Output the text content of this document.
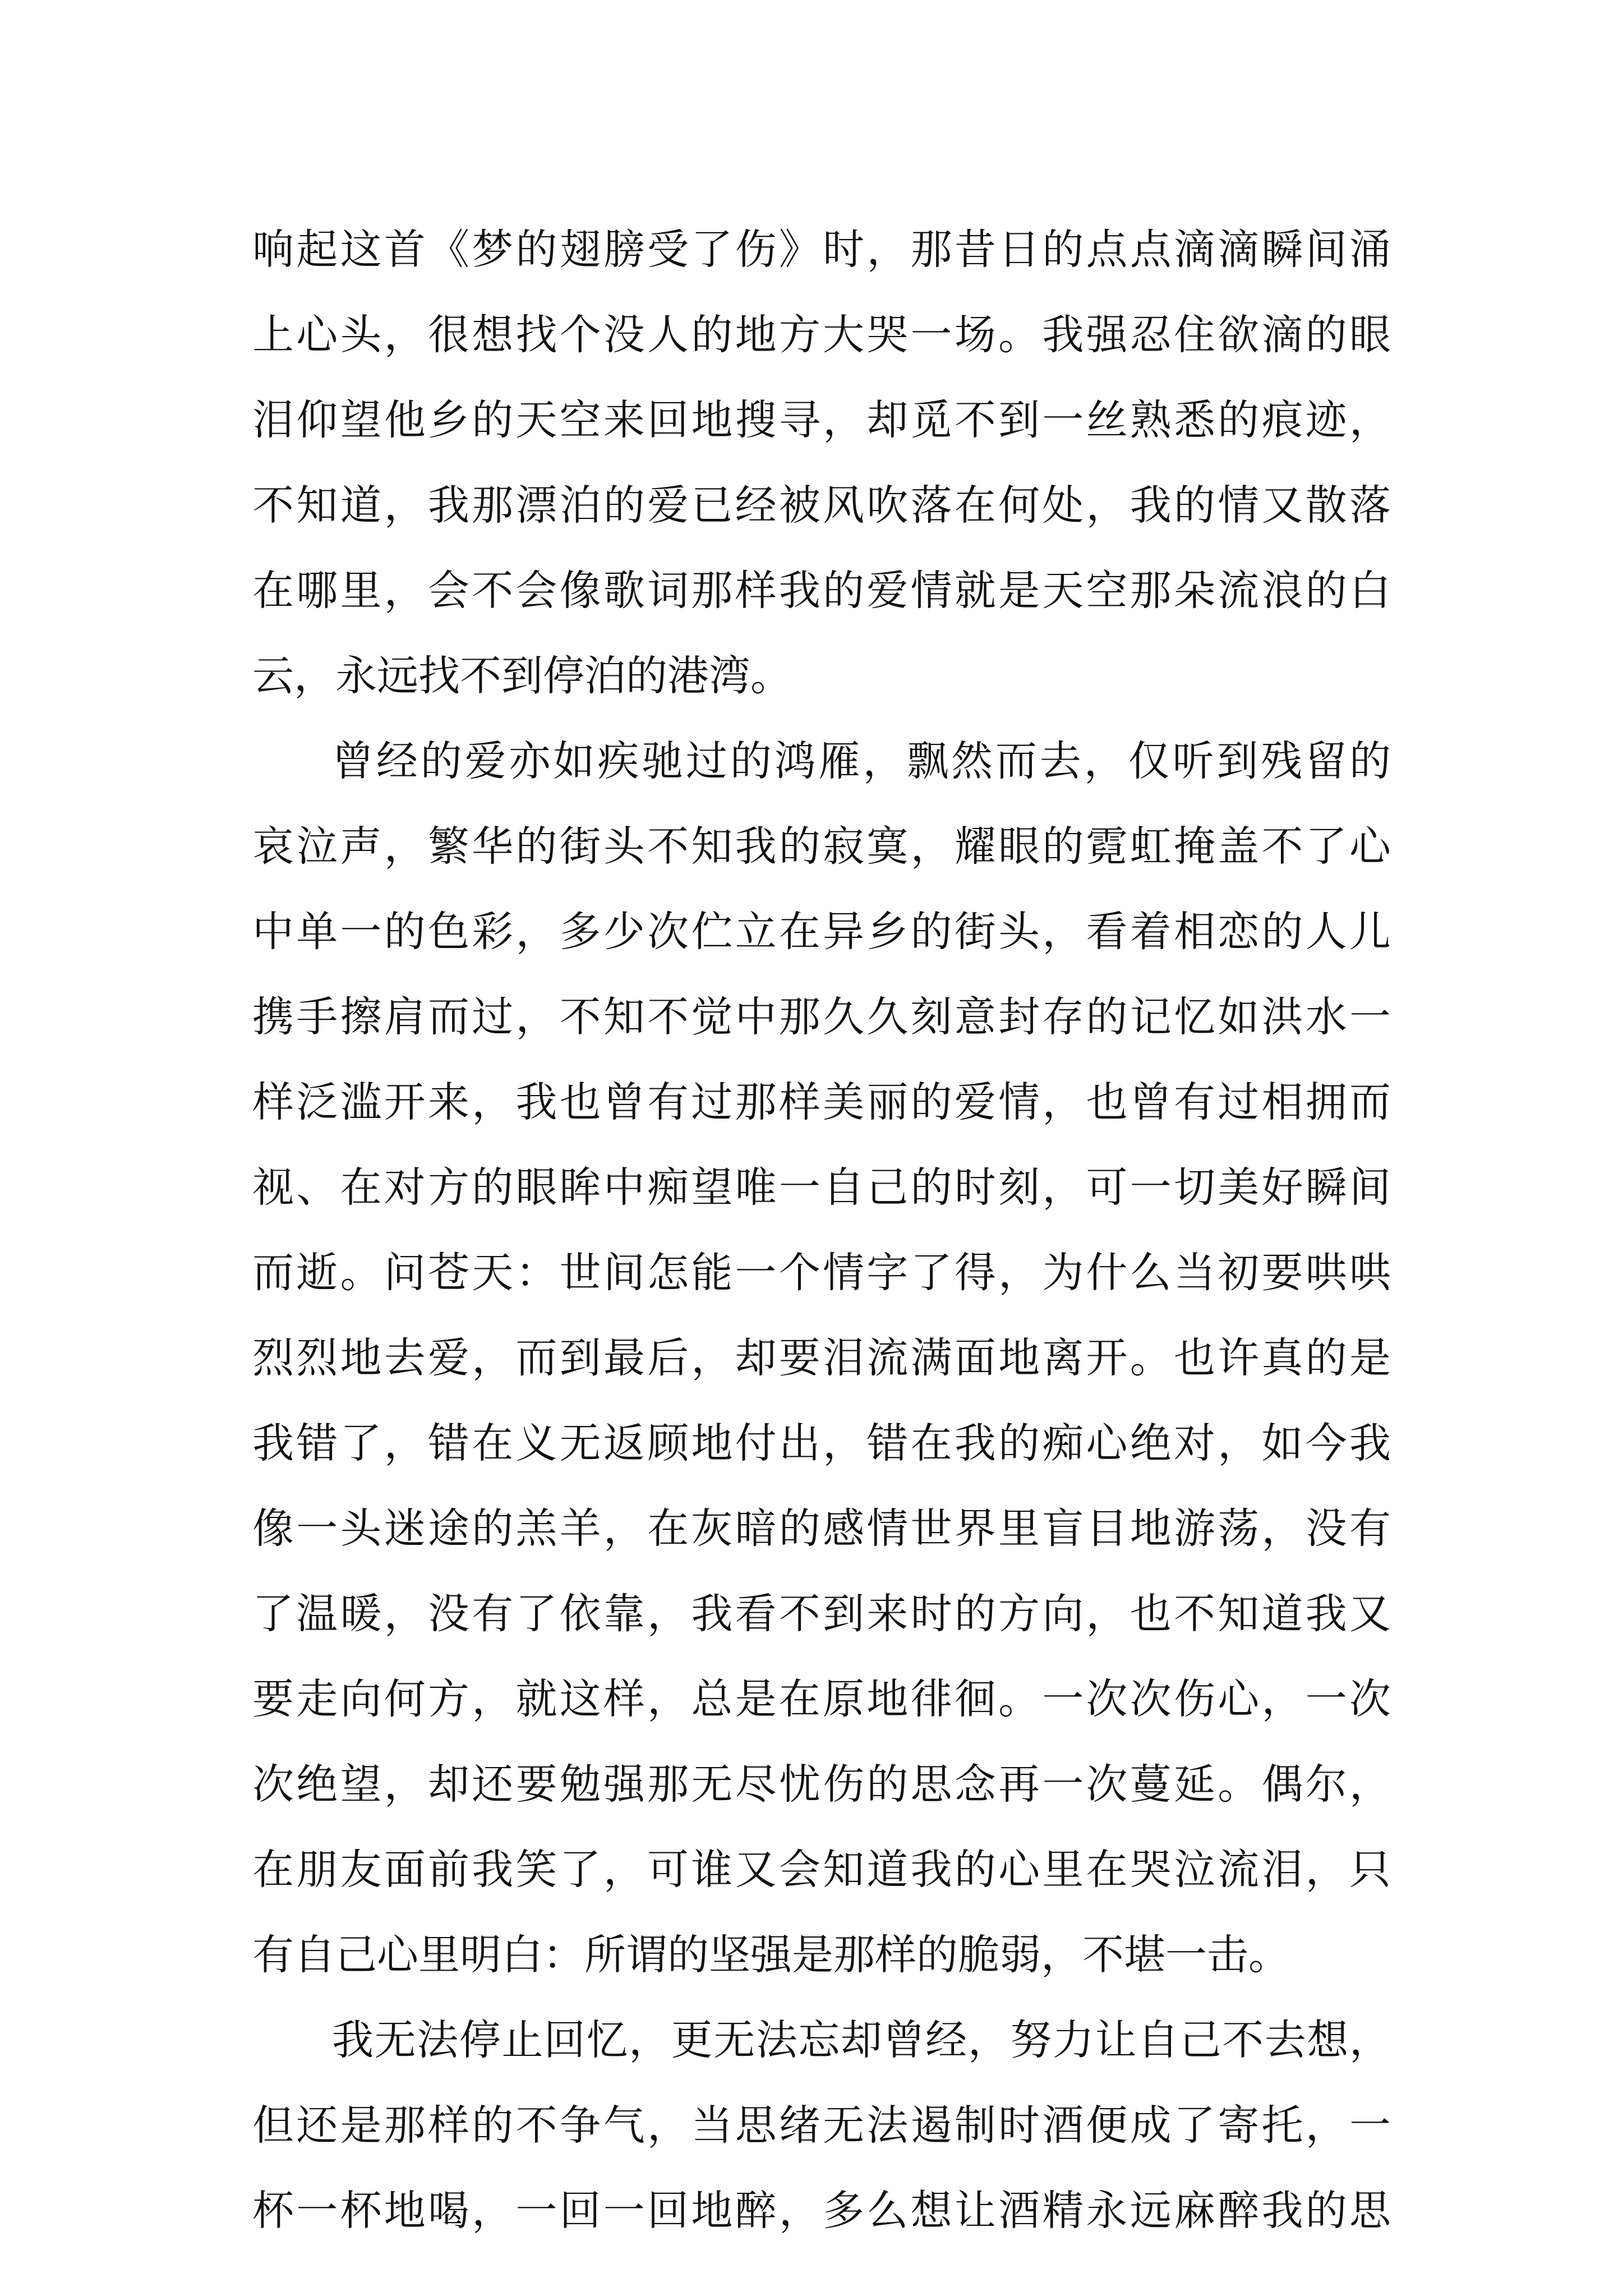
响起这首《梦的翅膀受了伤》时，那昔日的点点滴滴瞬间涌
上心头，很想找个没人的地方大哭一场。我强忍住欲滴的眼
泪仰望他乡的天空来回地搜寻，却觅不到一丝熟悉的痕迹，
不知道，我那漂泊的爱已经被风吹落在何处，我的情又散落
在哪里，会不会像歌词那样我的爱情就是天空那朵流浪的白
云，永远找不到停泊的港湾。
曾经的爱亦如疾驰过的鸿雁，飘然而去，仅听到残留的
哀泣声，繁华的街头不知我的寂寞，耀眼的霓虹掩盖不了心
中单一的色彩，多少次伫立在异乡的街头，看着相恋的人儿
携手擦肩而过，不知不觉中那久久刻意封存的记忆如洪水一
样泛滥开来，我也曾有过那样美丽的爱情，也曾有过相拥而
视、在对方的眼眸中痴望唯一自己的时刻，可一切美好瞬间
而逝。问苍天：世间怎能一个情字了得，为什么当初要哄哄
烈烈地去爱，而到最后，却要泪流满面地离开。也许真的是
我错了，错在义无返顾地付出，错在我的痴心绝对，如今我
像一头迷途的羔羊，在灰暗的感情世界里盲目地游荡，没有
了温暖，没有了依靠，我看不到来时的方向，也不知道我又
要走向何方，就这样，总是在原地徘徊。一次次伤心，一次
次绝望，却还要勉强那无尽忧伤的思念再一次蔓延。偶尔，
在朋友面前我笑了，可谁又会知道我的心里在哭泣流泪，只
有自己心里明白：所谓的坚强是那样的脆弱，不堪一击。
我无法停止回忆，更无法忘却曾经，努力让自己不去想，
但还是那样的不争气，当思绪无法遏制时酒便成了寄托，一
杯一杯地喝，一回一回地醉，多么想让酒精永远麻醉我的思
